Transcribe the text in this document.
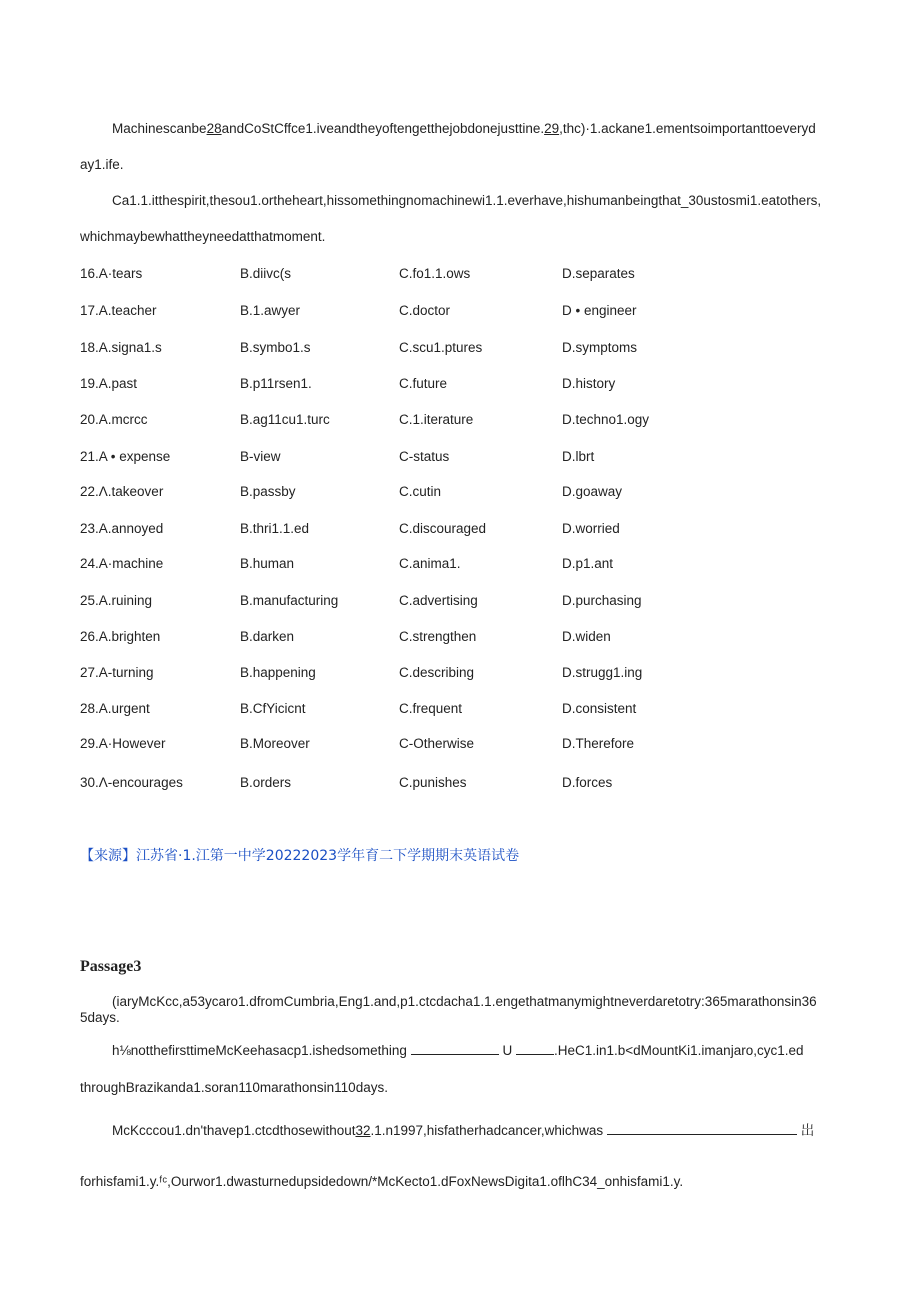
Machinescanbe28andCoStCffce1.iveandtheyoftengetthejobdonejusttine.29,thc)·1.ackane1.ementsoimportanttoeveryd
ay1.ife.
Ca1.1.itthespirit,thesou1.ortheheart,hissomethingnomachinewi1.1.everhave,hishumanbeingthat_30ustosmi1.eatothers,
whichmaybewhattheyneedatthatmoment.
16.A·tears	B.diivc(s	C.fo1.1.ows	D.separates
17.A.teacher	B.1.awyer	C.doctor	D • engineer
18.A.signa1.s	B.symbo1.s	C.scu1.ptures	D.symptoms
19.A.past	B.p11rsen1.	C.future	D.history
20.A.mcrcc	B.ag11cu1.turc	C.1.iterature	D.techno1.ogy
21.A • expense	B-view	C-status	D.lbrt
22.Λ.takeover	B.passby	C.cutin	D.goaway
23.A.annoyed	B.thri1.1.ed	C.discouraged	D.worried
24.A·machine	B.human	C.anima1.	D.p1.ant
25.A.ruining	B.manufacturing	C.advertising	D.purchasing
26.A.brighten	B.darken	C.strengthen	D.widen
27.A-turning	B.happening	C.describing	D.strugg1.ing
28.A.urgent	B.CfYicicnt	C.frequent	D.consistent
29.A·However	B.Moreover	C-Otherwise	D.Therefore
30.Λ-encourages	B.orders	C.punishes	D.forces
【来源】江苏省·1.江第一中学20222023学年育二下学期期末英语试卷
Passage3
(iaryMcKcc,a53ycaro1.dfromCumbria,Eng1.and,p1.ctcdacha1.1.engethatmanymightneverdaretotry:365marathonsin36
5days.
h⅛notthefirsttimeMcKeehasacp1.ishedsomething	U	.HeC1.in1.b<dMountKi1.imanjaro,cyc1.ed
throughBrazikanda1.soran110marathonsin110days.
McKcccou1.dn'thavep1.ctcdthosewithout32.1.n1997,hisfatherhadcancer,whichwas	岀
forhisfami1.y.ᶠᶜ,Ourwor1.dwasturnedupsidedown/*McKecto1.dFoxNewsDigita1.oflhC34_onhisfami1.y.
